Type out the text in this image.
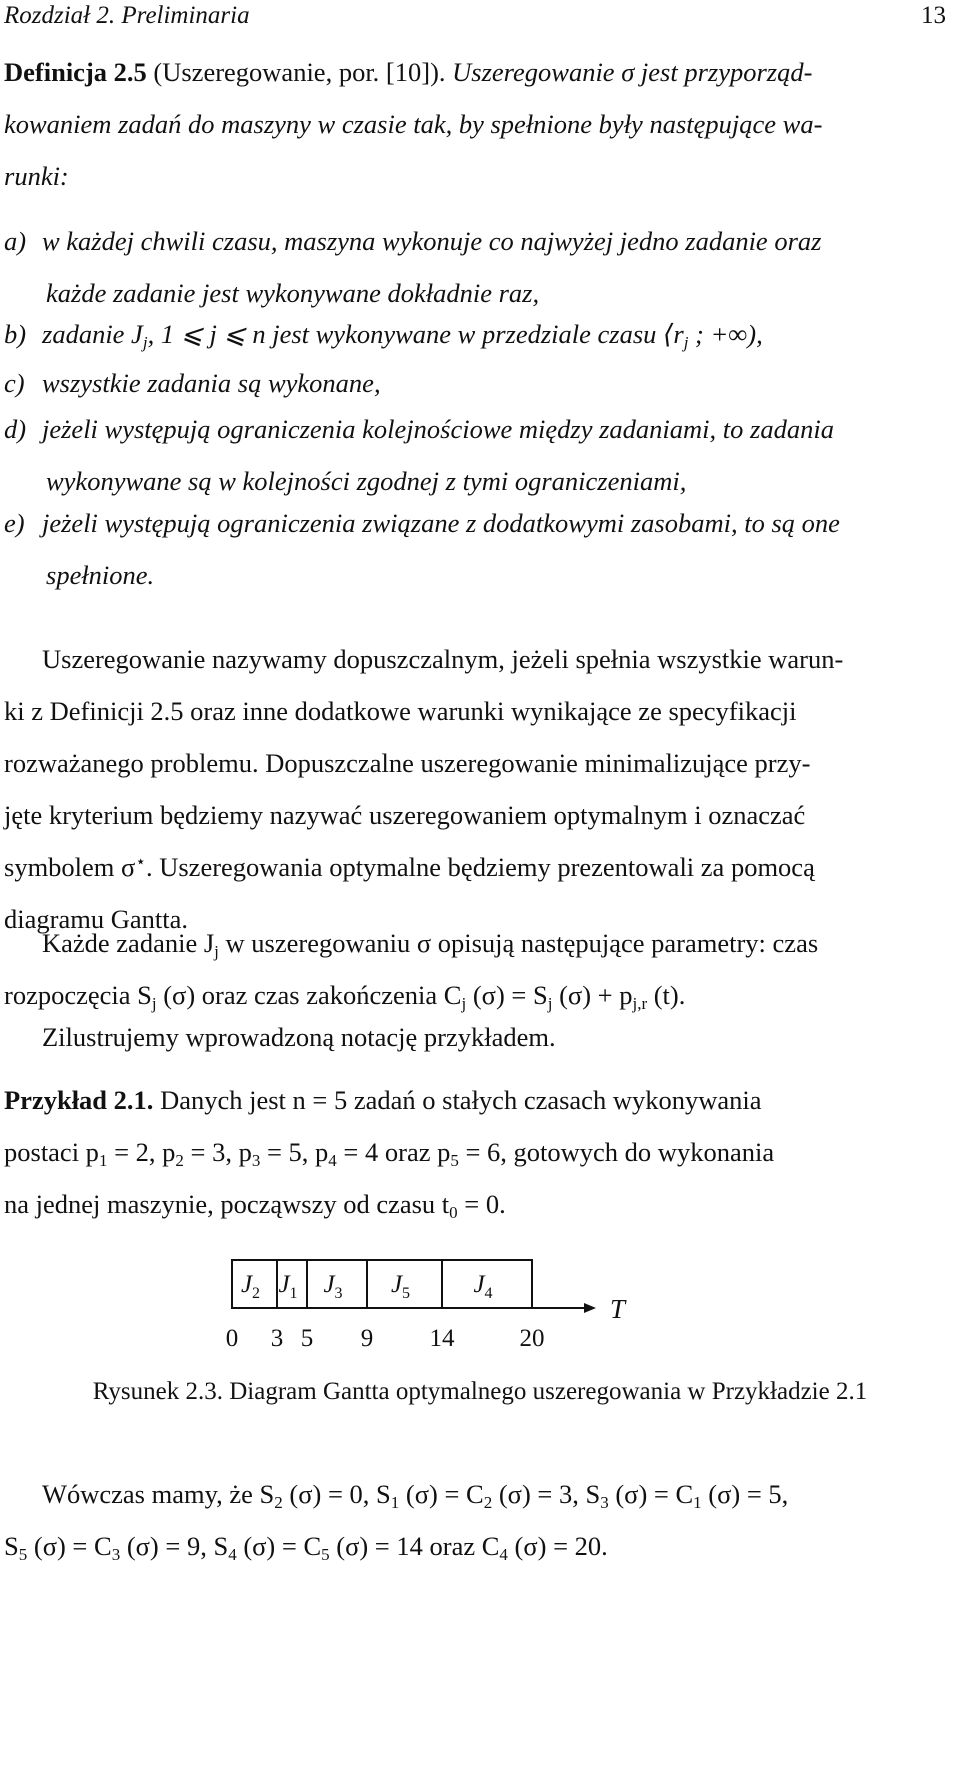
Rozdział 2. Preliminaria	13
Definicja 2.5 (Uszeregowanie, por. [10]). Uszeregowanie σ jest przyporząd-
kowaniem zadań do maszyny w czasie tak, by spełnione były następujące wa-
runki:
a) w każdej chwili czasu, maszyna wykonuje co najwyżej jedno zadanie oraz
każde zadanie jest wykonywane dokładnie raz,
b) zadanie $J_j$, 1 ⩽ j ⩽ n jest wykonywane w przedziale czasu $⟨r_j$ ; +∞),
c) wszystkie zadania są wykonane,
d) jeżeli występują ograniczenia kolejnościowe między zadaniami, to zadania
wykonywane są w kolejności zgodnej z tymi ograniczeniami,
e) jeżeli występują ograniczenia związane z dodatkowymi zasobami, to są one
spełnione.
Uszeregowanie nazywamy dopuszczalnym, jeżeli spełnia wszystkie warun-
ki z Definicji 2.5 oraz inne dodatkowe warunki wynikające ze specyfikacji
rozważanego problemu. Dopuszczalne uszeregowanie minimalizujące przy-
jęte kryterium będziemy nazywać uszeregowaniem optymalnym i oznaczać
symbolem σ⋆. Uszeregowania optymalne będziemy prezentowali za pomocą
diagramu Gantta.
Każde zadanie $J_j$ w uszeregowaniu σ opisują następujące parametry: czas
rozpoczęcia $S_j$ (σ) oraz czas zakończenia $C_j$ $(\sigma) = S_j$ $(\sigma) + p_{j,r}$ (t).
Zilustrujemy wprowadzoną notację przykładem.
Przykład 2.1. Danych jest n = 5 zadań o stałych czasach wykonywania
postaci $p_1 = 2$, $p_2 = 3$, $p_3 = 5$, $p_4 = 4$ oraz $p_5 = 6$, gotowych do wykonania
na jednej maszynie, począwszy od czasu $t_0 = 0$.
$J_2$ $J_1$ $J_3$ $J_5$	$J_4$
0 3 5 9 14	20
T
Rysunek 2.3. Diagram Gantta optymalnego uszeregowania w Przykładzie 2.1
Wówczas mamy, że $S_2$ (σ) = 0, $S_1$ $(\sigma) = C_2$ (σ) = 3, $S_3$ $(\sigma) = C_1$ (σ) = 5,
$S_5$ $(\sigma) = C_3$ (σ) = 9, $S_4$ $(\sigma) = C_5$ (σ) = 14 oraz $C_4$ (σ) = 20.
